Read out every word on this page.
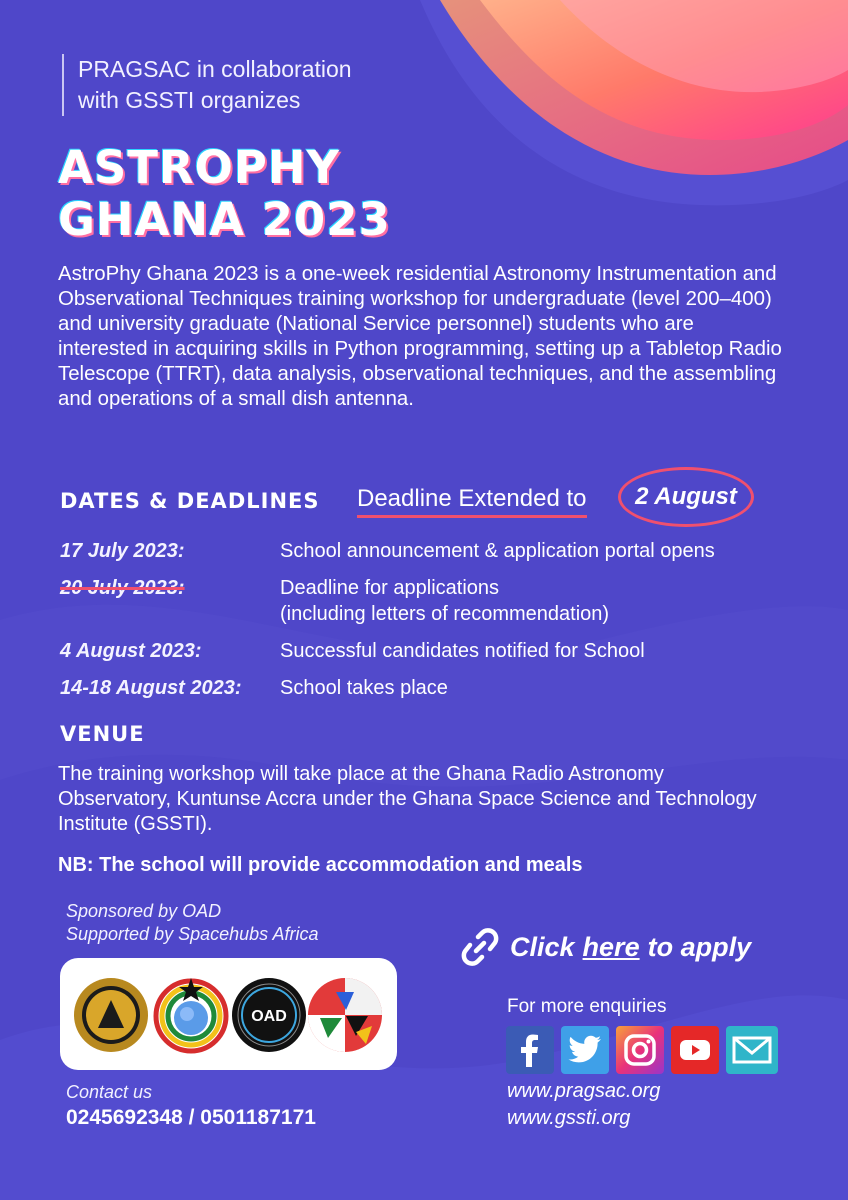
PRAGSAC in collaboration
with GSSTI organizes
ASTROPHY
GHANA 2023
AstroPhy Ghana 2023 is a one-week residential Astronomy Instrumentation and Observational Techniques training workshop for undergraduate (level 200–400) and university graduate (National Service personnel) students who are interested in acquiring skills in Python programming, setting up a Tabletop Radio Telescope (TTRT), data analysis, observational techniques, and the assembling and operations of a small dish antenna.
DATES & DEADLINES Deadline Extended to	2 August
17 July 2023:	School announcement & application portal opens
20 July 2023:	Deadline for applications
(including letters of recommendation)
4 August 2023:	Successful candidates notified for School
14-18 August 2023:	School takes place
VENUE
The training workshop will take place at the Ghana Radio Astronomy Observatory, Kuntunse Accra under the Ghana Space Science and Technology Institute (GSSTI).
NB: The school will provide accommodation and meals
Sponsored by OAD
Supported by Spacehubs Africa
OAD
Click here to apply
For more enquiries
www.pragsac.org
www.gssti.org
Contact us
0245692348 / 0501187171
